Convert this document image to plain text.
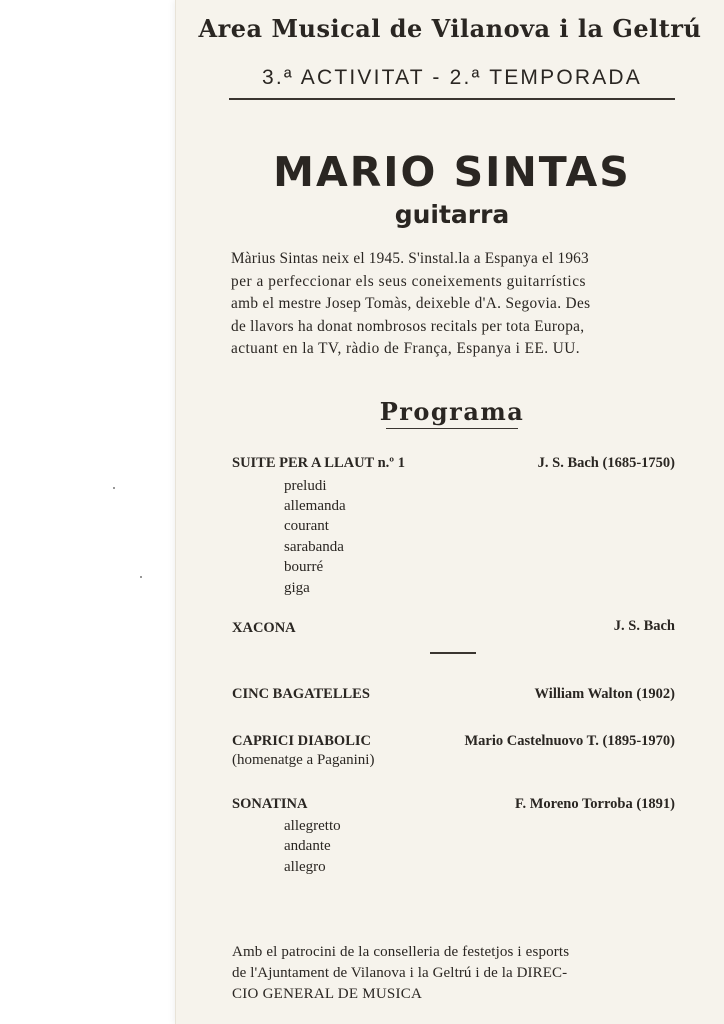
Area Musical de Vilanova i la Geltrú
3.ª ACTIVITAT - 2.ª TEMPORADA
MARIO SINTAS
guitarra
Màrius Sintas neix el 1945. S'instal.la a Espanya el 1963
per a perfeccionar els seus coneixements guitarrístics
amb el mestre Josep Tomàs, deixeble d'A. Segovia. Des
de llavors ha donat nombrosos recitals per tota Europa,
actuant en la TV, ràdio de França, Espanya i EE. UU.
Programa
SUITE PER A LLAUT n.º 1	J. S. Bach (1685-1750)
preludi
allemanda
courant
sarabanda
bourré
giga
XACONA	J. S. Bach
CINC BAGATELLES	William Walton (1902)
CAPRICI DIABOLIC	Mario Castelnuovo T. (1895-1970)
(homenatge a Paganini)
SONATINA	F. Moreno Torroba (1891)
allegretto
andante
allegro
Amb el patrocini de la conselleria de festetjos i esports
de l'Ajuntament de Vilanova i la Geltrú i de la DIREC-
CIO GENERAL DE MUSICA
